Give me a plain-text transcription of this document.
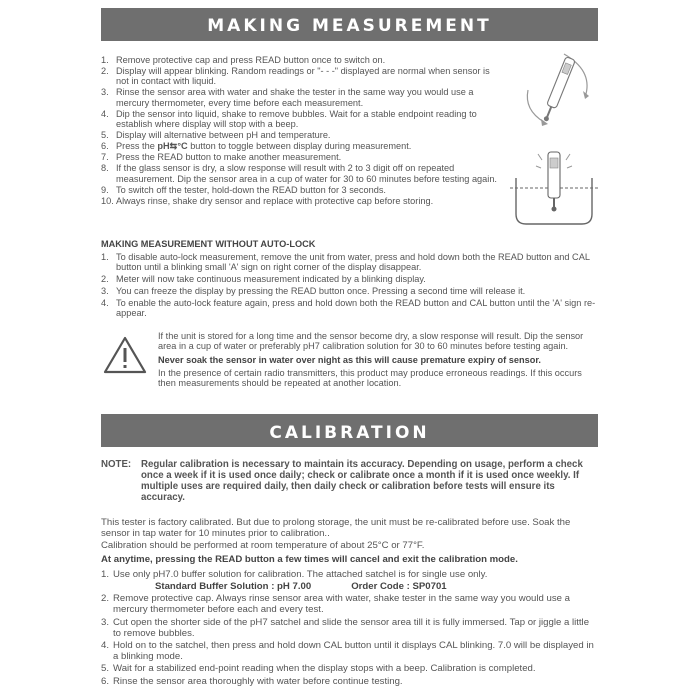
MAKING MEASUREMENT
1. Remove protective cap and press READ button once to switch on.
2. Display will appear blinking. Random readings or "- - -" displayed are normal when sensor is not in contact with liquid.
3. Rinse the sensor area with water and shake the tester in the same way you would use a mercury thermometer, every time before each measurement.
4. Dip the sensor into liquid, shake to remove bubbles. Wait for a stable endpoint reading to establish where display will stop with a beep.
5. Display will alternative between pH and temperature.
6. Press the pH⇆°C button to toggle between display during measurement.
7. Press the READ button to make another measurement.
8. If the glass sensor is dry, a slow response will result with 2 to 3 digit off on repeated measurement. Dip the sensor area in a cup of water for 30 to 60 minutes before testing again.
9. To switch off the tester, hold-down the READ button for 3 seconds.
10. Always rinse, shake dry sensor and replace with protective cap before storing.
MAKING MEASUREMENT WITHOUT AUTO-LOCK
1. To disable auto-lock measurement, remove the unit from water, press and hold down both the READ button and CAL button until a blinking small 'A' sign on right corner of the display disappear.
2. Meter will now take continuous measurement indicated by a blinking display.
3. You can freeze the display by pressing the READ button once. Pressing a second time will release it.
4. To enable the auto-lock feature again, press and hold down both the READ button and CAL button until the 'A' sign re-appear.

If the unit is stored for a long time and the sensor become dry, a slow response will result. Dip the sensor area in a cup of water or preferably pH7 calibration solution for 30 to 60 minutes before testing again.

Never soak the sensor in water over night as this will cause premature expiry of sensor.

In the presence of certain radio transmitters, this product may produce erroneous readings. If this occurs then measurements should be repeated at another location.

CALIBRATION
NOTE: Regular calibration is necessary to maintain its accuracy. Depending on usage, perform a check once a week if it is used once daily; check or calibrate once a month if it is used once weekly. If multiple uses are required daily, then daily check or calibration before tests will ensure its accuracy.
This tester is factory calibrated. But due to prolong storage, the unit must be re-calibrated before use. Soak the sensor in tap water for 10 minutes prior to calibration..
Calibration should be performed at room temperature of about 25°C or 77°F.
At anytime, pressing the READ button a few times will cancel and exit the calibration mode.
1. Use only pH7.0 buffer solution for calibration. The attached satchel is for single use only.
Standard Buffer Solution : pH 7.00	Order Code : SP0701
2. Remove protective cap. Always rinse sensor area with water, shake tester in the same way you would use a mercury thermometer before each and every test.
3. Cut open the shorter side of the pH7 satchel and slide the sensor area till it is fully immersed. Tap or jiggle a little to remove bubbles.
4. Hold on to the satchel, then press and hold down CAL button until it displays CAL blinking. 7.0 will be displayed in a blinking mode.
5. Wait for a stabilized end-point reading when the display stops with a beep. Calibration is completed.
6. Rinse the sensor area thoroughly with water before continue testing.
